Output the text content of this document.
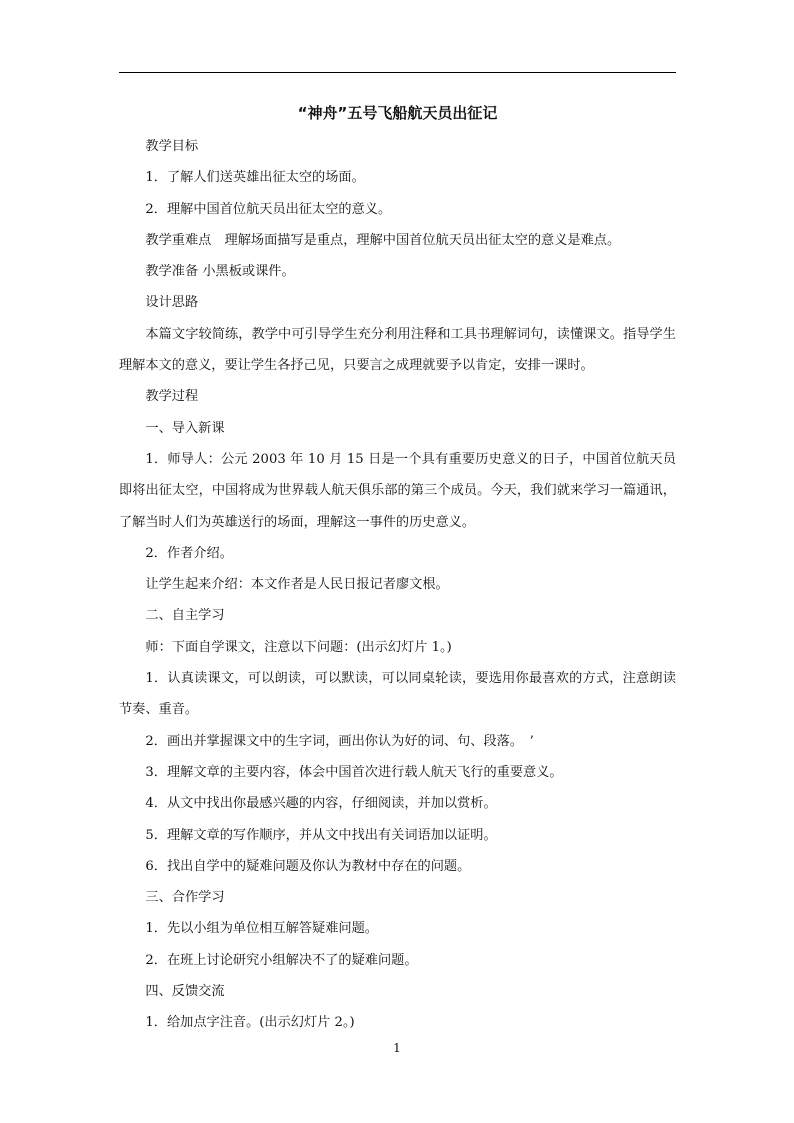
“神舟”五号飞船航天员出征记

教学目标

1．了解人们送英雄出征太空的场面。

2．理解中国首位航天员出征太空的意义。

教学重难点　理解场面描写是重点，理解中国首位航天员出征太空的意义是难点。

教学准备 小黑板或课件。

设计思路

本篇文字较简练，教学中可引导学生充分利用注释和工具书理解词句，读懂课文。指导学生理解本文的意义，要让学生各抒己见，只要言之成理就要予以肯定，安排一课时。

教学过程

一、导入新课

1．师导人：公元 2003 年 10 月 15 日是一个具有重要历史意义的日子，中国首位航天员即将出征太空，中国将成为世界载人航天俱乐部的第三个成员。今天，我们就来学习一篇通讯，了解当时人们为英雄送行的场面，理解这一事件的历史意义。

2．作者介绍。

让学生起来介绍：本文作者是人民日报记者廖文根。

二、自主学习

师：下面自学课文，注意以下问题：(出示幻灯片 1。)

1．认真读课文，可以朗读，可以默读，可以同桌轮读，要选用你最喜欢的方式，注意朗读节奏、重音。

2．画出并掌握课文中的生字词，画出你认为好的词、句、段落。　’

3．理解文章的主要内容，体会中国首次进行载人航天飞行的重要意义。

4．从文中找出你最感兴趣的内容，仔细阅读，并加以赏析。

5．理解文章的写作顺序，并从文中找出有关词语加以证明。

6．找出自学中的疑难问题及你认为教材中存在的问题。

三、合作学习

1．先以小组为单位相互解答疑难问题。

2．在班上讨论研究小组解决不了的疑难问题。

四、反馈交流

1．给加点字注音。(出示幻灯片 2。)

1
